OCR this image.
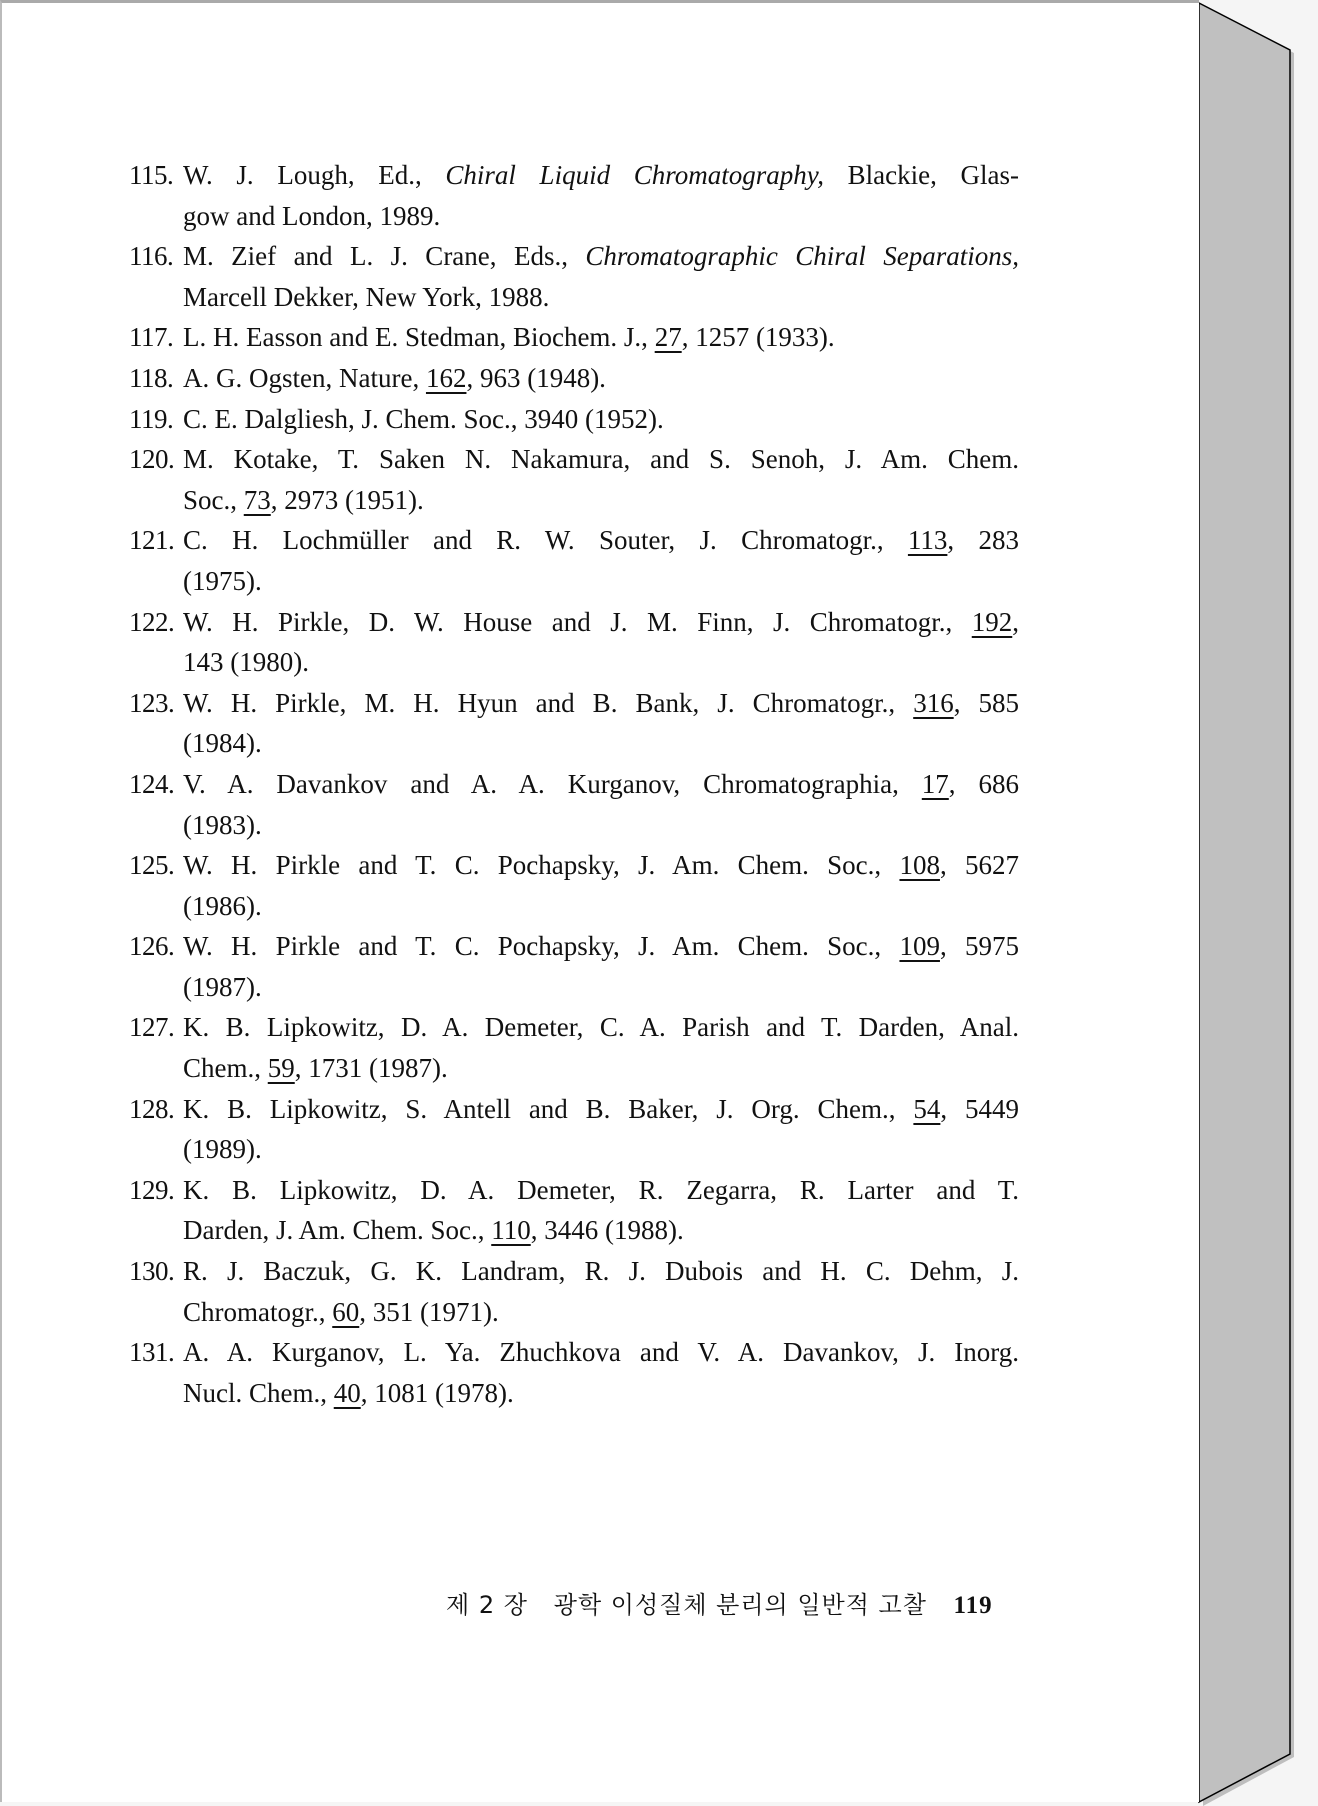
115. W. J. Lough, Ed., Chiral Liquid Chromatography, Blackie, Glas-
gow and London, 1989.
116. M. Zief and L. J. Crane, Eds., Chromatographic Chiral Separations,
Marcell Dekker, New York, 1988.
117. L. H. Easson and E. Stedman, Biochem. J., 27, 1257 (1933).
118. A. G. Ogsten, Nature, 162, 963 (1948).
119. C. E. Dalgliesh, J. Chem. Soc., 3940 (1952).
120. M. Kotake, T. Saken N. Nakamura, and S. Senoh, J. Am. Chem.
Soc., 73, 2973 (1951).
121. C. H. Lochmüller and R. W. Souter, J. Chromatogr., 113, 283
(1975).
122. W. H. Pirkle, D. W. House and J. M. Finn, J. Chromatogr., 192,
143 (1980).
123. W. H. Pirkle, M. H. Hyun and B. Bank, J. Chromatogr., 316, 585
(1984).
124. V. A. Davankov and A. A. Kurganov, Chromatographia, 17, 686
(1983).
125. W. H. Pirkle and T. C. Pochapsky, J. Am. Chem. Soc., 108, 5627
(1986).
126. W. H. Pirkle and T. C. Pochapsky, J. Am. Chem. Soc., 109, 5975
(1987).
127. K. B. Lipkowitz, D. A. Demeter, C. A. Parish and T. Darden, Anal.
Chem., 59, 1731 (1987).
128. K. B. Lipkowitz, S. Antell and B. Baker, J. Org. Chem., 54, 5449
(1989).
129. K. B. Lipkowitz, D. A. Demeter, R. Zegarra, R. Larter and T.
Darden, J. Am. Chem. Soc., 110, 3446 (1988).
130. R. J. Baczuk, G. K. Landram, R. J. Dubois and H. C. Dehm, J.
Chromatogr., 60, 351 (1971).
131. A. A. Kurganov, L. Ya. Zhuchkova and V. A. Davankov, J. Inorg.
Nucl. Chem., 40, 1081 (1978).
제 2 장 광학 이성질체 분리의 일반적 고찰 119
